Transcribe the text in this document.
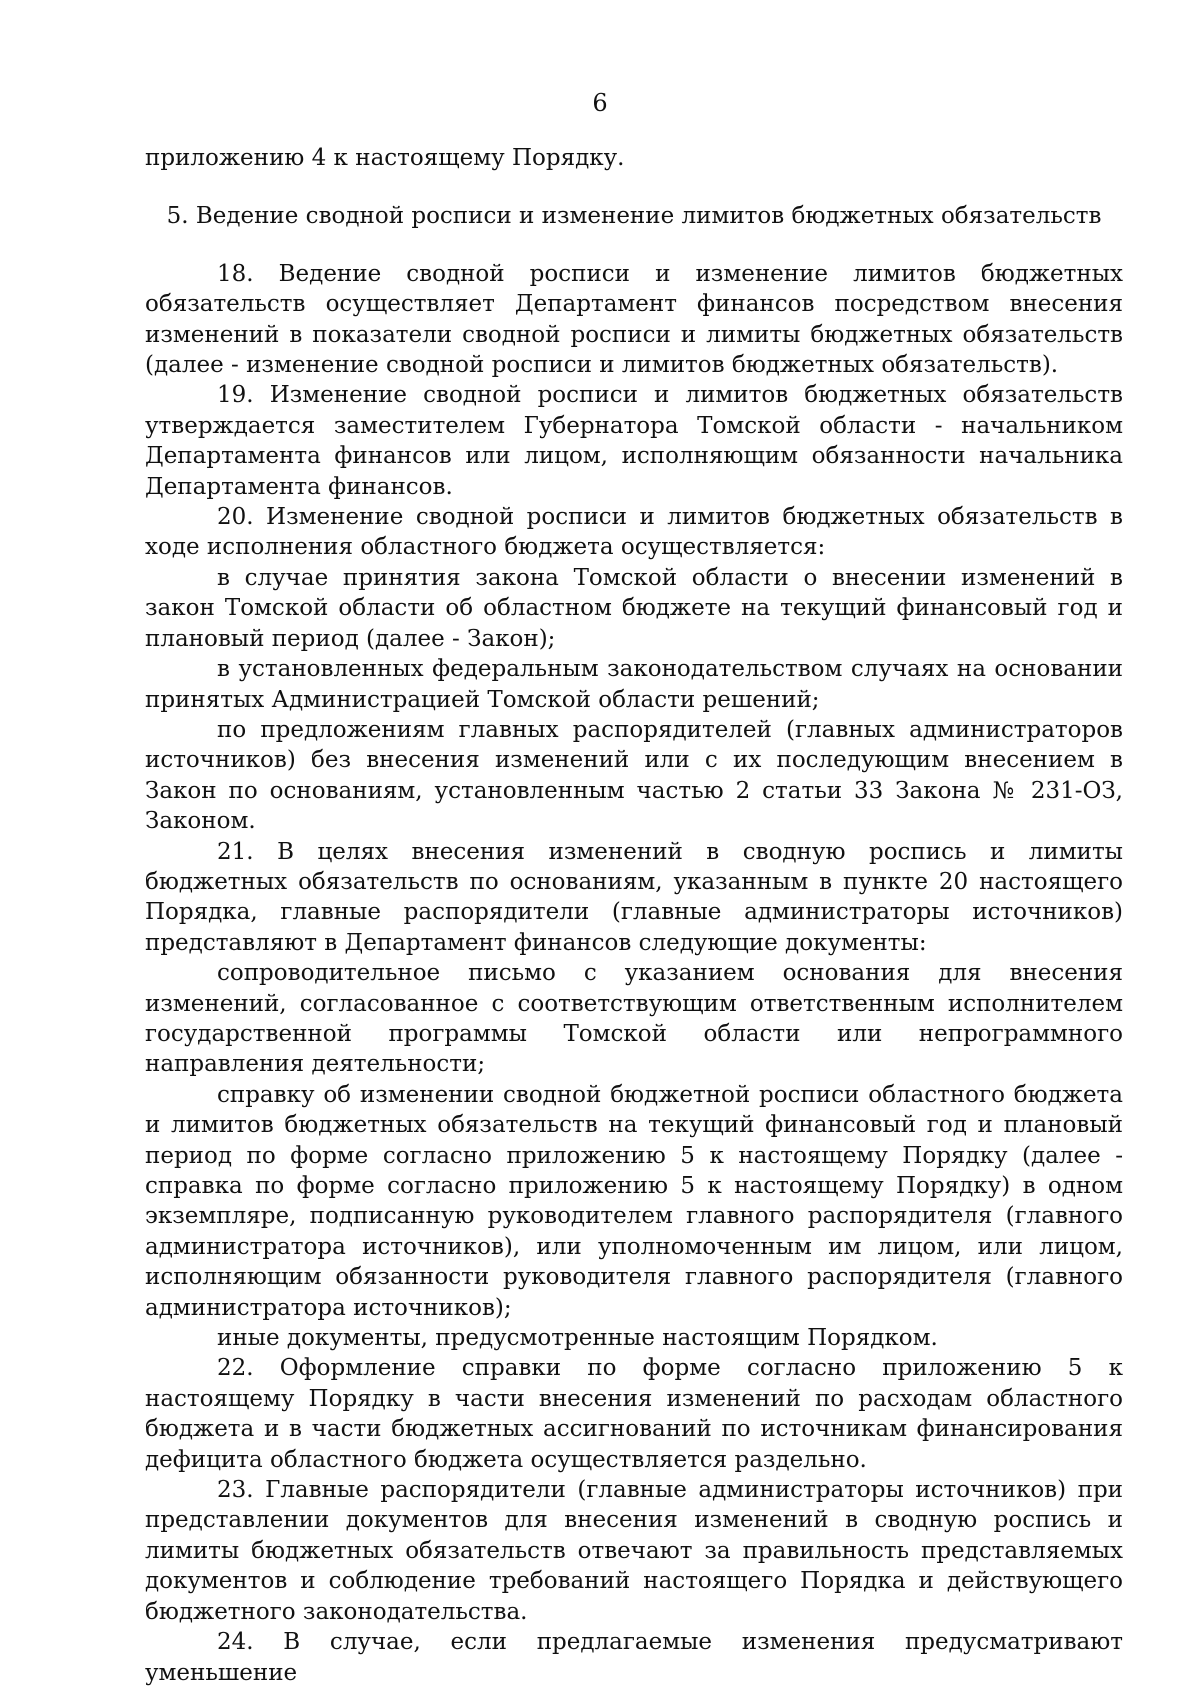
6

приложению 4 к настоящему Порядку.

5. Ведение сводной росписи и изменение лимитов бюджетных обязательств

18. Ведение сводной росписи и изменение лимитов бюджетных обязательств осуществляет Департамент финансов посредством внесения изменений в показатели сводной росписи и лимиты бюджетных обязательств (далее - изменение сводной росписи и лимитов бюджетных обязательств).

19. Изменение сводной росписи и лимитов бюджетных обязательств утверждается заместителем Губернатора Томской области - начальником Департамента финансов или лицом, исполняющим обязанности начальника Департамента финансов.

20. Изменение сводной росписи и лимитов бюджетных обязательств в ходе исполнения областного бюджета осуществляется:

в случае принятия закона Томской области о внесении изменений в закон Томской области об областном бюджете на текущий финансовый год и плановый период (далее - Закон);

в установленных федеральным законодательством случаях на основании принятых Администрацией Томской области решений;

по предложениям главных распорядителей (главных администраторов источников) без внесения изменений или с их последующим внесением в Закон по основаниям, установленным частью 2 статьи 33 Закона № 231-ОЗ, Законом.

21. В целях внесения изменений в сводную роспись и лимиты бюджетных обязательств по основаниям, указанным в пункте 20 настоящего Порядка, главные распорядители (главные администраторы источников) представляют в Департамент финансов следующие документы:

сопроводительное письмо с указанием основания для внесения изменений, согласованное с соответствующим ответственным исполнителем государственной программы Томской области или непрограммного направления деятельности;

справку об изменении сводной бюджетной росписи областного бюджета и лимитов бюджетных обязательств на текущий финансовый год и плановый период по форме согласно приложению 5 к настоящему Порядку (далее - справка по форме согласно приложению 5 к настоящему Порядку) в одном экземпляре, подписанную руководителем главного распорядителя (главного администратора источников), или уполномоченным им лицом, или лицом, исполняющим обязанности руководителя главного распорядителя (главного администратора источников);

иные документы, предусмотренные настоящим Порядком.

22. Оформление справки по форме согласно приложению 5 к настоящему Порядку в части внесения изменений по расходам областного бюджета и в части бюджетных ассигнований по источникам финансирования дефицита областного бюджета осуществляется раздельно.

23. Главные распорядители (главные администраторы источников) при представлении документов для внесения изменений в сводную роспись и лимиты бюджетных обязательств отвечают за правильность представляемых документов и соблюдение требований настоящего Порядка и действующего бюджетного законодательства.

24. В случае, если предлагаемые изменения предусматривают уменьшение
